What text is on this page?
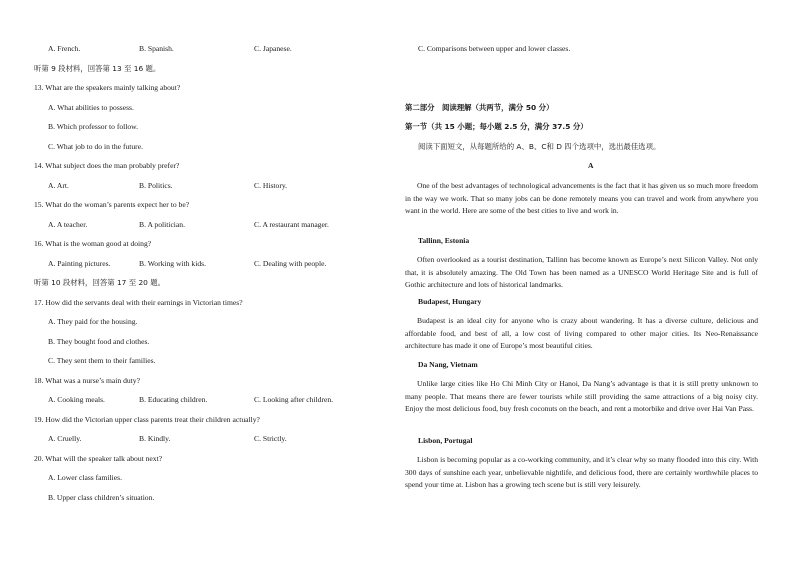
A. French.	B. Spanish.	C. Japanese.
听第 9 段材料，回答第 13 至 16 题。
13. What are the speakers mainly talking about?
A. What abilities to possess.
B. Which professor to follow.
C. What job to do in the future.
14. What subject does the man probably prefer?
A. Art.	B. Politics.	C. History.
15. What do the woman’s parents expect her to be?
A. A teacher.	B. A politician.	C. A restaurant manager.
16. What is the woman good at doing?
A. Painting pictures.	B. Working with kids.	C. Dealing with people.
听第 10 段材料，回答第 17 至 20 题。
17. How did the servants deal with their earnings in Victorian times?
A. They paid for the housing.
B. They bought food and clothes.
C. They sent them to their families.
18. What was a nurse’s main duty?
A. Cooking meals.	B. Educating children.	C. Looking after children.
19. How did the Victorian upper class parents treat their children actually?
A. Cruelly.	B. Kindly.	C. Strictly.
20. What will the speaker talk about next?
A. Lower class families.
B. Upper class children’s situation.
C. Comparisons between upper and lower classes.
第二部分　阅读理解（共两节，满分 50 分）
第一节（共 15 小题；每小题 2.5 分，满分 37.5 分）
阅读下面短文，从每题所给的 A、B、C和 D 四个选项中，选出最佳选项。
A
One of the best advantages of technological advancements is the fact that it has given us so much more freedom in the way we work. That so many jobs can be done remotely means you can travel and work from anywhere you want in the world. Here are some of the best cities to live and work in.
Tallinn, Estonia
Often overlooked as a tourist destination, Tallinn has become known as Europe’s next Silicon Valley. Not only that, it is absolutely amazing. The Old Town has been named as a UNESCO World Heritage Site and is full of Gothic architecture and lots of historical landmarks.
Budapest, Hungary
Budapest is an ideal city for anyone who is crazy about wandering. It has a diverse culture, delicious and affordable food, and best of all, a low cost of living compared to other major cities. Its Neo-Renaissance architecture has made it one of Europe’s most beautiful cities.
Da Nang, Vietnam
Unlike large cities like Ho Chi Minh City or Hanoi, Da Nang’s advantage is that it is still pretty unknown to many people. That means there are fewer tourists while still providing the same attractions of a big noisy city. Enjoy the most delicious food, buy fresh coconuts on the beach, and rent a motorbike and drive over Hai Van Pass.
Lisbon, Portugal
Lisbon is becoming popular as a co-working community, and it’s clear why so many flooded into this city. With 300 days of sunshine each year, unbelievable nightlife, and delicious food, there are certainly worthwhile places to spend your time at. Lisbon has a growing tech scene but is still very leisurely.
